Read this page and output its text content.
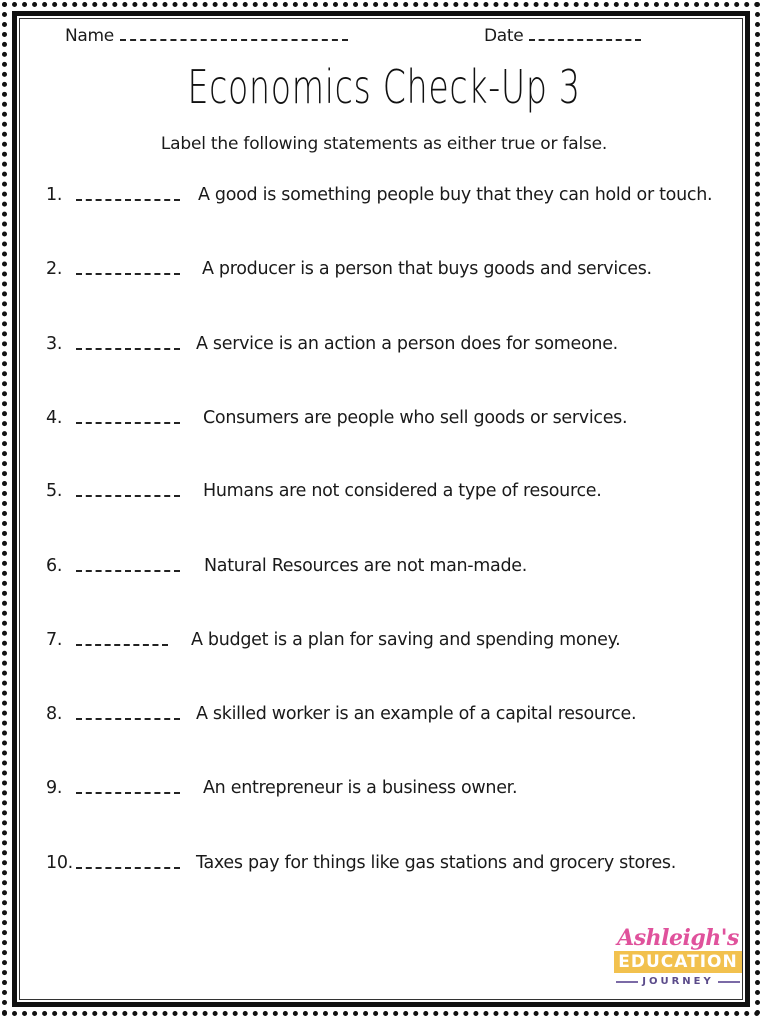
Name	Date
Economics Check-Up 3
Label the following statements as either true or false.
1.	A good is something people buy that they can hold or touch.
2.	A producer is a person that buys goods and services.
3.	A service is an action a person does for someone.
4.	Consumers are people who sell goods or services.
5.	Humans are not considered a type of resource.
6.	Natural Resources are not man-made.
7.	A budget is a plan for saving and spending money.
8.	A skilled worker is an example of a capital resource.
9.	An entrepreneur is a business owner.
10.	Taxes pay for things like gas stations and grocery stores.
Ashleigh's
EDUCATION
JOURNEY
